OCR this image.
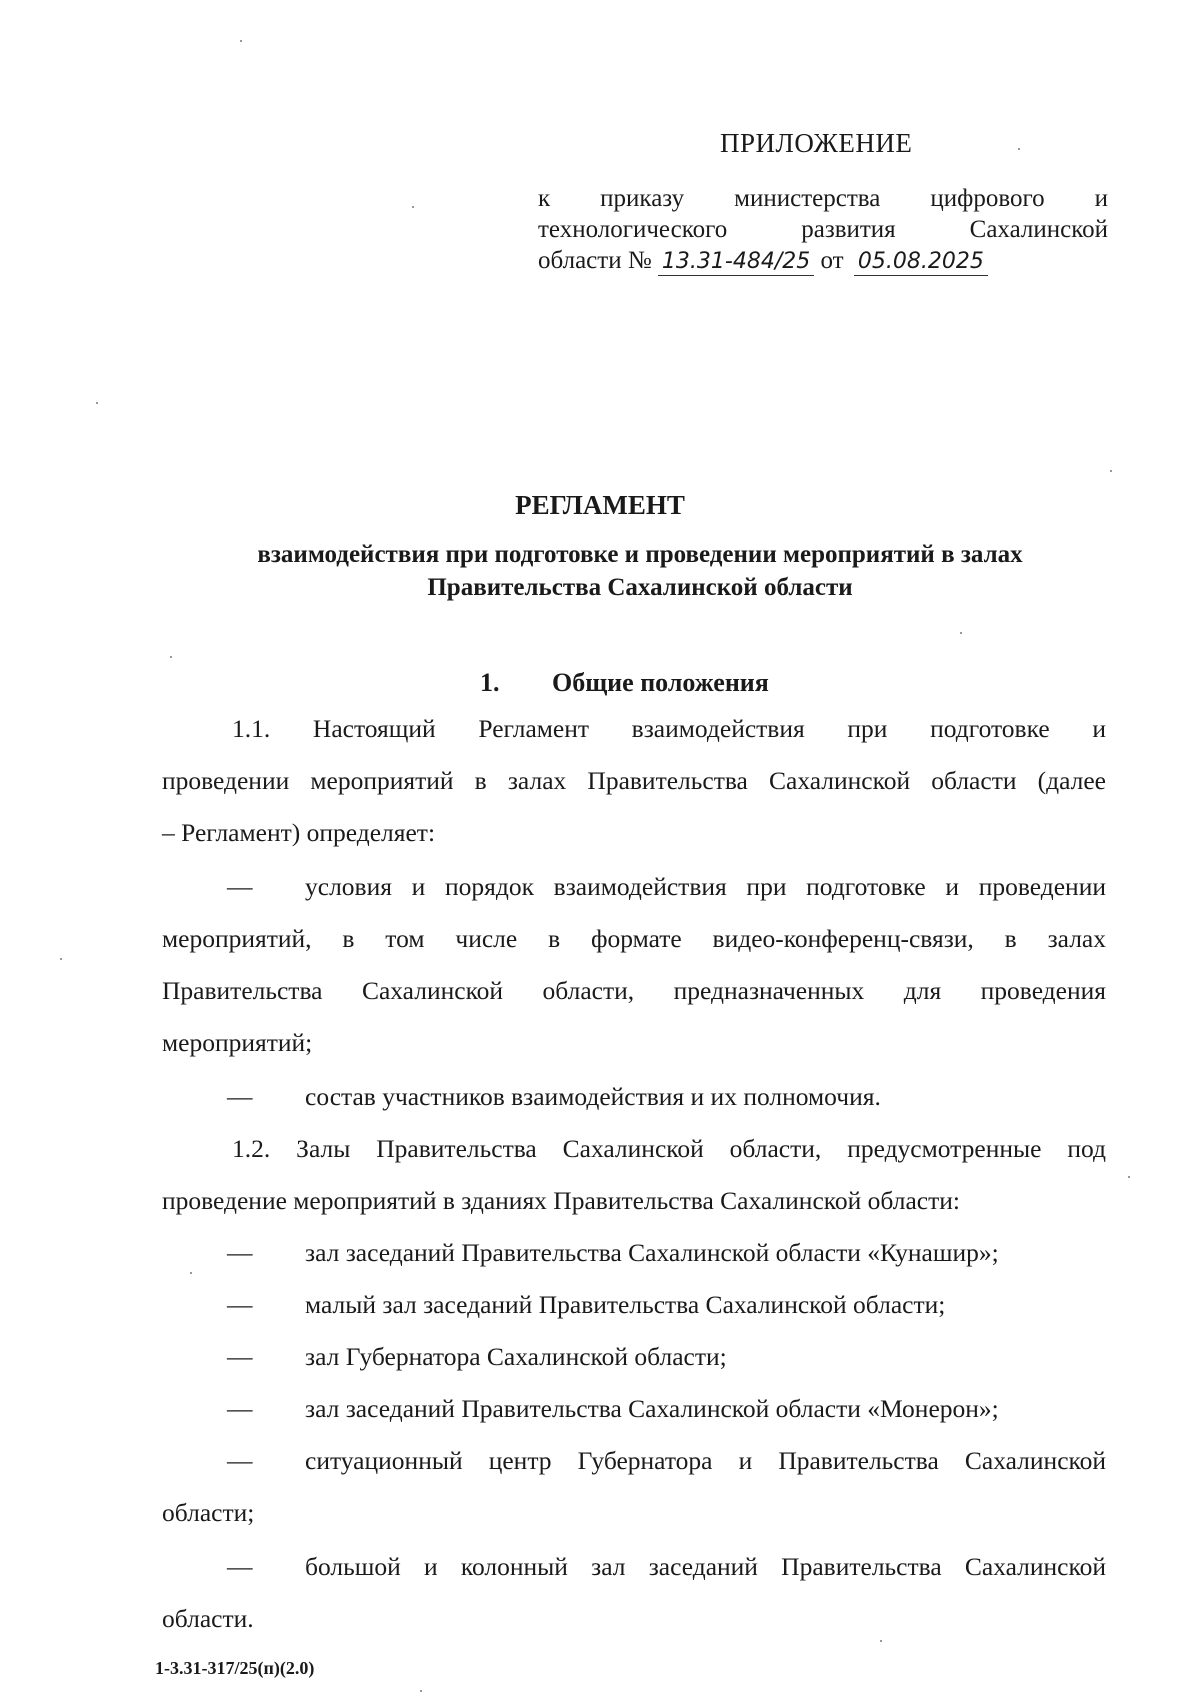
ПРИЛОЖЕНИЕ
к приказу министерства цифрового и
технологического развития Сахалинской
области № 13.31-484/25 от 05.08.2025
РЕГЛАМЕНТ
взаимодействия при подготовке и проведении мероприятий в залах
Правительства Сахалинской области
1. Общие положения
1.1. Настоящий Регламент взаимодействия при подготовке и
проведении мероприятий в залах Правительства Сахалинской области (далее
– Регламент) определяет:
—	условия и порядок взаимодействия при подготовке и проведении
мероприятий, в том числе в формате видео-конференц-связи, в залах
Правительства Сахалинской области, предназначенных для проведения
мероприятий;
—	состав участников взаимодействия и их полномочия.
1.2. Залы Правительства Сахалинской области, предусмотренные под
проведение мероприятий в зданиях Правительства Сахалинской области:
—	зал заседаний Правительства Сахалинской области «Кунашир»;
—	малый зал заседаний Правительства Сахалинской области;
—	зал Губернатора Сахалинской области;
—	зал заседаний Правительства Сахалинской области «Монерон»;
—	ситуационный центр Губернатора и Правительства Сахалинской
области;
—	большой и колонный зал заседаний Правительства Сахалинской
области.
1-3.31-317/25(п)(2.0)
